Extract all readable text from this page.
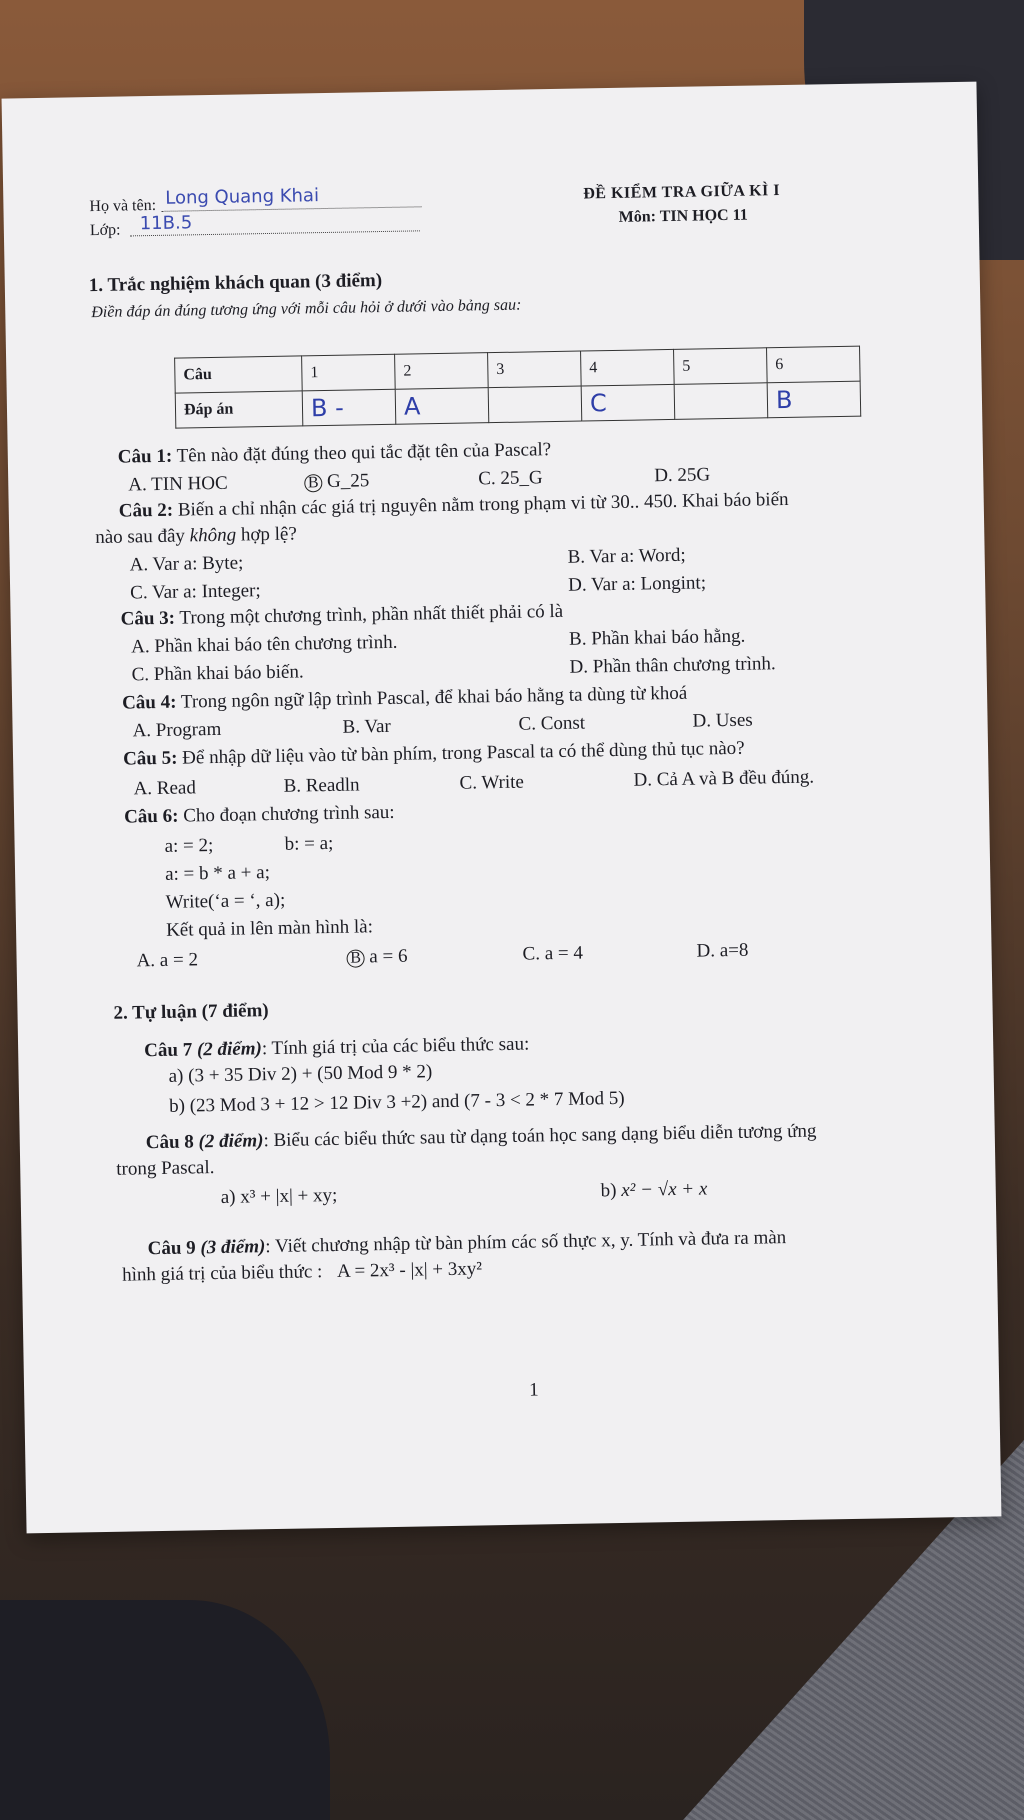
Họ và tên: Long Quang Khai
Lớp: 11B.5
ĐỀ KIỂM TRA GIỮA KÌ I
Môn: TIN HỌC 11
1. Trắc nghiệm khách quan (3 điểm)
Điền đáp án đúng tương ứng với mỗi câu hỏi ở dưới vào bảng sau:
Câu	1	2	3	4	5	6
Đáp án	B -	A		C		B
Câu 1: Tên nào đặt đúng theo qui tắc đặt tên của Pascal?
A. TIN HOC	B G_25	C. 25_G	D. 25G
Câu 2: Biến a chỉ nhận các giá trị nguyên nằm trong phạm vi từ 30.. 450. Khai báo biến
nào sau đây không hợp lệ?
A. Var a: Byte;	B. Var a: Word;
C. Var a: Integer;	D. Var a: Longint;
Câu 3: Trong một chương trình, phần nhất thiết phải có là
A. Phần khai báo tên chương trình.	B. Phần khai báo hằng.
C. Phần khai báo biến.	D. Phần thân chương trình.
Câu 4: Trong ngôn ngữ lập trình Pascal, để khai báo hằng ta dùng từ khoá
A. Program	B. Var	C. Const	D. Uses
Câu 5: Để nhập dữ liệu vào từ bàn phím, trong Pascal ta có thể dùng thủ tục nào?
A. Read	B. Readln	C. Write	D. Cả A và B đều đúng.
Câu 6: Cho đoạn chương trình sau:
a: = 2;	b: = a;
a: = b * a + a;
Write(‘a = ‘, a);
Kết quả in lên màn hình là:
A. a = 2	B a = 6	C. a = 4	D. a=8
2. Tự luận (7 điểm)
Câu 7 (2 điểm): Tính giá trị của các biểu thức sau:
a) (3 + 35 Div 2) + (50 Mod 9 * 2)
b) (23 Mod 3 + 12 > 12 Div 3 +2) and (7 - 3 < 2 * 7 Mod 5)
Câu 8 (2 điểm): Biểu các biểu thức sau từ dạng toán học sang dạng biểu diễn tương ứng
trong Pascal.
a) x³ + |x| + xy;	b) x² − √x + x
Câu 9 (3 điểm): Viết chương nhập từ bàn phím các số thực x, y. Tính và đưa ra màn
hình giá trị của biểu thức : A = 2x³ - |x| + 3xy²
1
